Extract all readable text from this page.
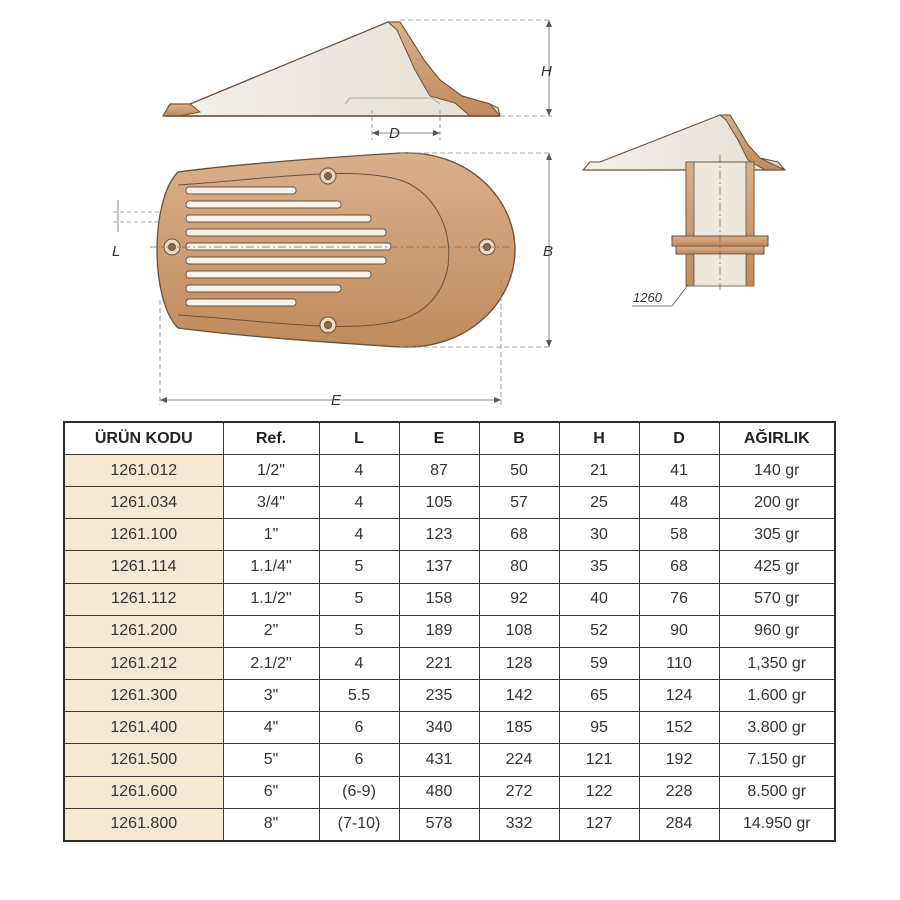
H
D
L	B
E
1260
ÜRÜN KODU	Ref.	L	E	B	H	D	AĞIRLIK
1261.012	1/2"	4	87	50	21	41	140 gr
1261.034	3/4"	4	105	57	25	48	200 gr
1261.100	1"	4	123	68	30	58	305 gr
1261.114	1.1/4"	5	137	80	35	68	425 gr
1261.112	1.1/2"	5	158	92	40	76	570 gr
1261.200	2"	5	189	108	52	90	960 gr
1261.212	2.1/2"	4	221	128	59	110	1,350 gr
1261.300	3"	5.5	235	142	65	124	1.600 gr
1261.400	4"	6	340	185	95	152	3.800 gr
1261.500	5"	6	431	224	121	192	7.150 gr
1261.600	6"	(6-9)	480	272	122	228	8.500 gr
1261.800	8"	(7-10)	578	332	127	284	14.950 gr
